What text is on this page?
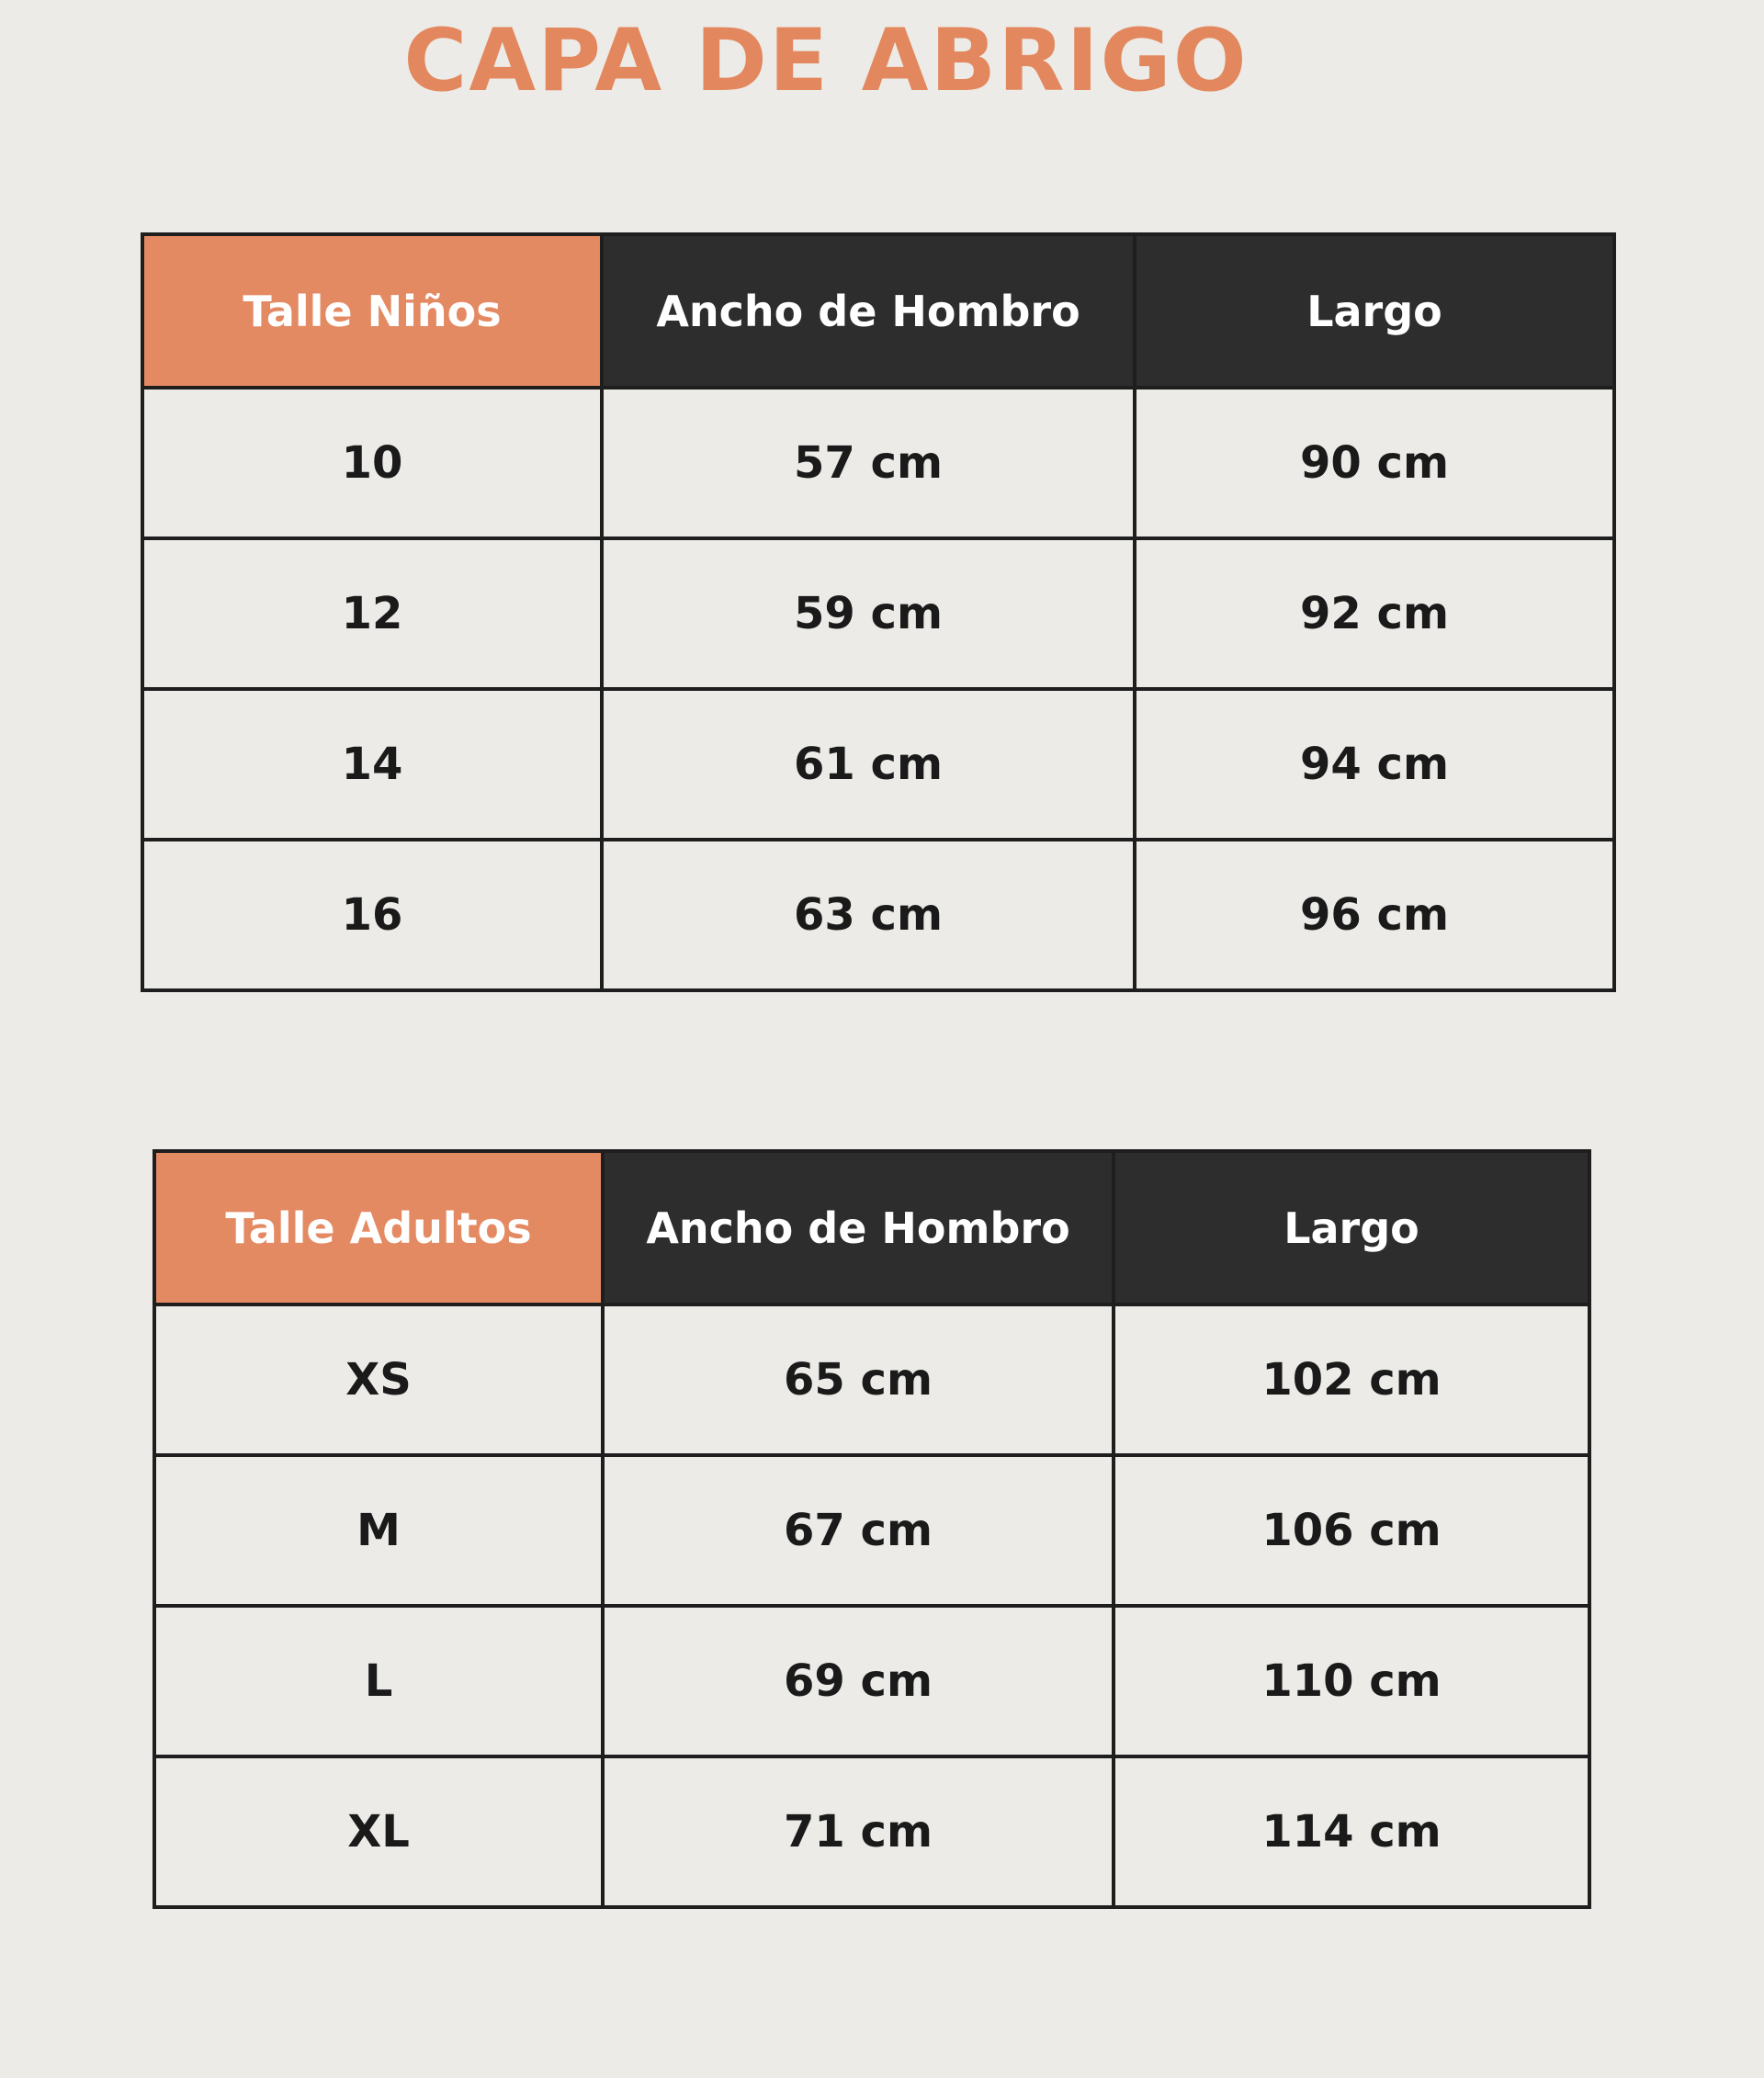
CAPA DE ABRIGO
Talle Niños	Ancho de Hombro	Largo
10	57 cm	90 cm
12	59 cm	92 cm
14	61 cm	94 cm
16	63 cm	96 cm
Talle Adultos	Ancho de Hombro	Largo
XS	65 cm	102 cm
M	67 cm	106 cm
L	69 cm	110 cm
XL	71 cm	114 cm
